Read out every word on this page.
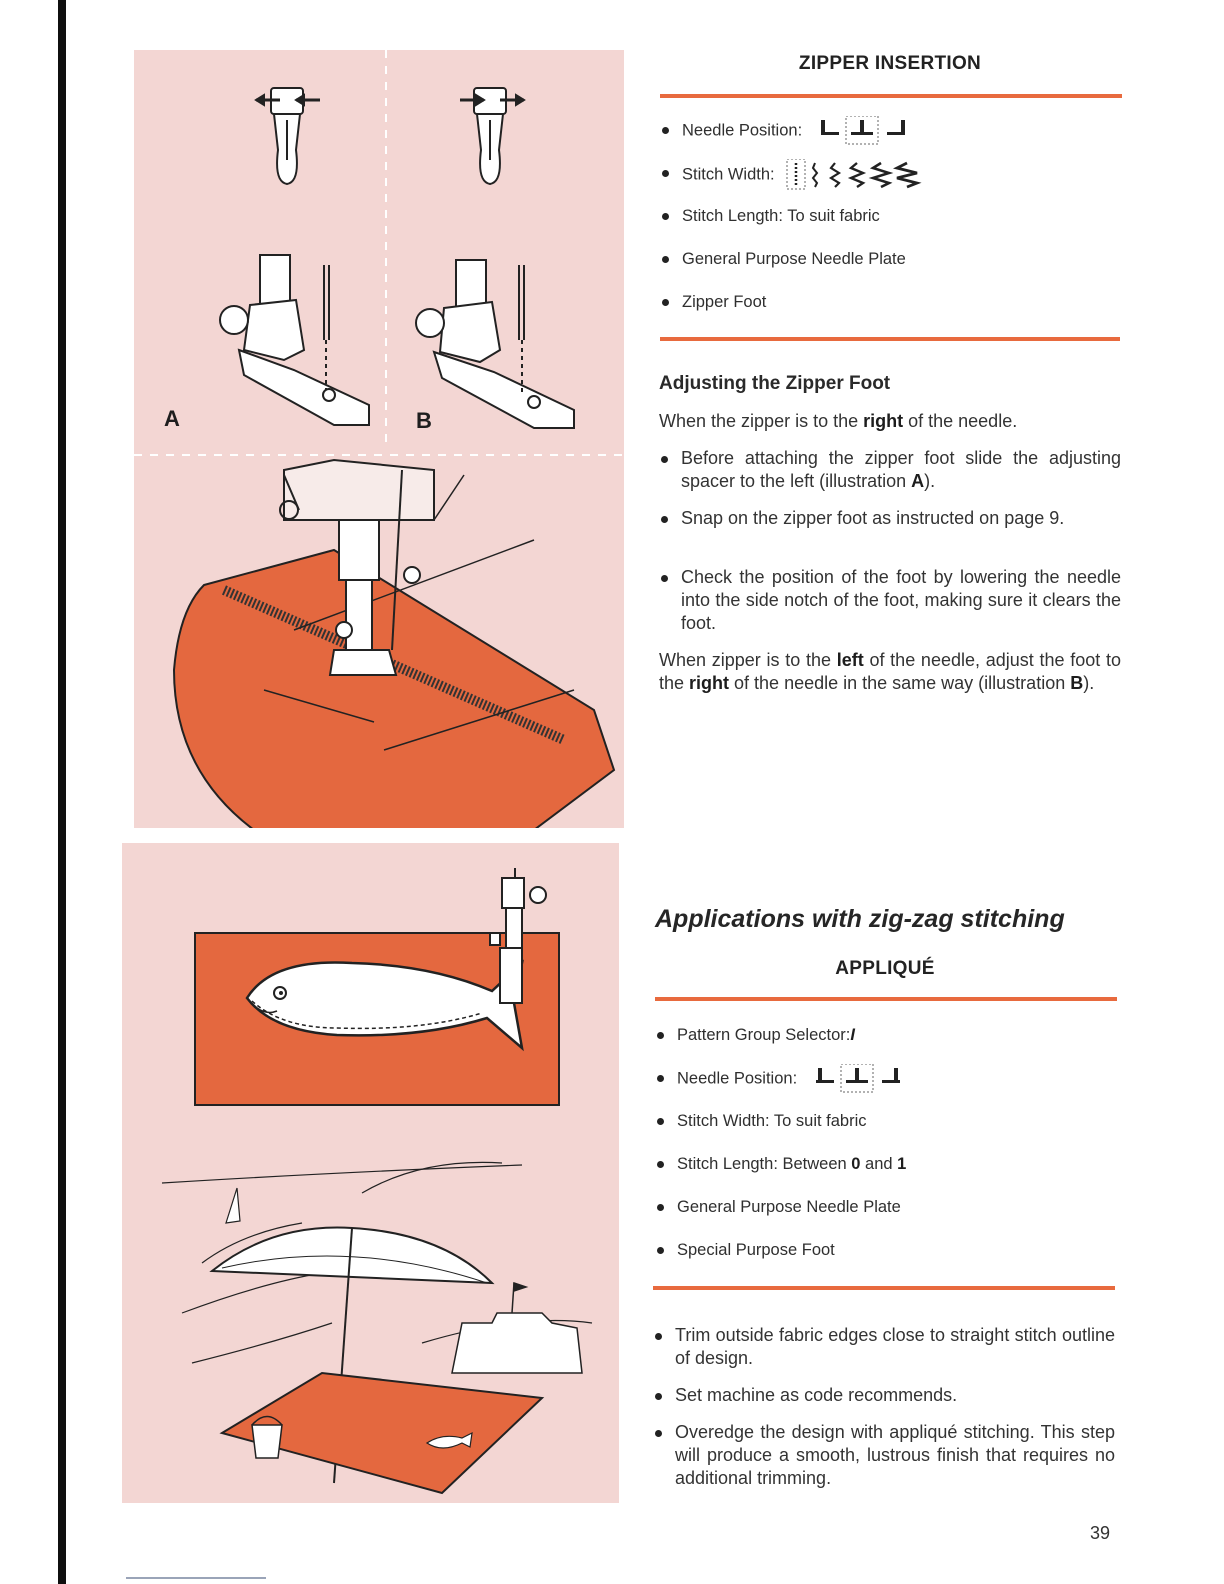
A	B
ZIPPER INSERTION
Needle Position:
Stitch Width:
Stitch Length: To suit fabric
General Purpose Needle Plate
Zipper Foot
Adjusting the Zipper Foot
When the zipper is to the right of the needle.
Before attaching the zipper foot slide the adjusting spacer to the left (illustration A).
Snap on the zipper foot as instructed on page 9.
Check the position of the foot by lowering the needle into the side notch of the foot, making sure it clears the foot.
When zipper is to the left of the needle, adjust the foot to the right of the needle in the same way (illustration B).
Applications with zig-zag stitching
APPLIQUÉ
Pattern Group Selector:I
Needle Position:
Stitch Width: To suit fabric
Stitch Length: Between 0 and 1
General Purpose Needle Plate
Special Purpose Foot
Trim outside fabric edges close to straight stitch outline of design.
Set machine as code recommends.
Overedge the design with appliqué stitching. This step will produce a smooth, lustrous finish that requires no additional trimming.
39
